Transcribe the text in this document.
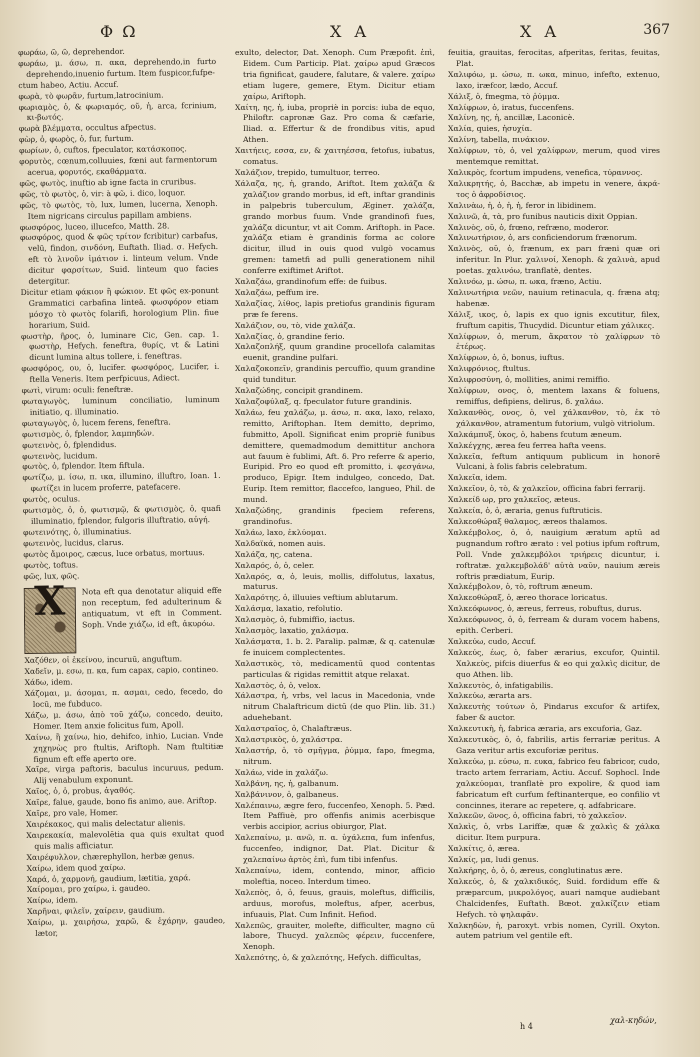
Φ Ω	Χ Α	Χ Α	367

φωράω, ῶ, ῶ, deprehendor.

φωράω, μ. άσω, π. ακα, deprehendo,in furto deprehendo,inuenio furtum. Item fuspicor,fufpe-

ctum habeo, Actiu. Accuf.

φωρὰ, τὸ φωρᾶν, furtum,latrocinium.

φωριαμὸς, ὁ, & φωριαμός, οῦ, ἡ, arca, fcrinium, κι-βωτός.

φωρὰ βλέμματα, occultus afpectus.

φὼρ, ὁ, φωρὸς, ὁ, fur, furtum.

φωρίων, ὁ, cuftos, fpeculator, κατάσκοπος.

φορυτὸς, cœnum,colluuies, fœni aut farmentorum acerua, φορυτός, εκαθάρματα.

φῶς, φωτὸς, inuftio ab igne facta in cruribus.

φῶς, τὸ φωτὸς, ὁ, vir: à φῶ, i. dico, loquor.

φῶς, τὸ φωτὸς, τὸ, lux, lumen, lucerna, Xenoph. Item nigricans circulus papillam ambiens.

φωσφόρος, luceo, illucefco, Matth. 28.

φωσφόρος, quod & φῶς τρίτον fcribitur) carbafus, velū, findon, σινδόνη, Euftath. Iliad. σ. Hefych. eft τὸ λινοῦν ἱμάτιον i. linteum velum. Vnde dicitur φαρσίτων, Suid. linteum quo facies detergitur.

Dicitur etiam φάκιον ἢ φώκιον. Et φῶς ex-ponunt Grammatici carbafina linteā. φωσφόρον etiam μόσχο τὸ φωτὸς folarifi, horologium Plin. fiue horarium, Suid.

φωστὴρ, ῆρος, ὁ, luminare Cic, Gen. cap. 1. φωστὴρ, Hefych. feneftra, θυρίς, vt & Latini dicunt lumina altus tollere, i. feneftras.

φωσφόρος, ου, ὁ, lucifer. φωσφόρος, Lucifer, i. ftella Veneris. Item perfpicuus, Adiect.

φωτὶ, virum: oculi: feneftræ.

φωταγωγὸς, luminum conciliatio, luminum initiatio, q. illuminatio.

φωταγωγὸς, ὁ, lucem ferens, feneftra.

φωτισμὸς, ὁ, fplendor, λαμπηδών.

φωτεινὸς, ὁ, fplendidus.

φωτεινὸς, lucidum.

φωτὸς, ὁ, fplendor. Item fiftula.

φωτίζω, μ. ίσω, π. ικα, illumino, illuftro, Ioan. 1. φωτίζει in lucem proferre, patefacere.

φωτὸς, oculus.

φωτισμὸς, ὁ, ὁ, φωτισμῷ, & φωτισμὸς, ὁ, quafi illuminatio, fplendor, fulgoris illuftratio, αὐγή.

φωτεινότης, ὁ, illuminatius.

φωτεινὸς, lucidus, clarus.

φωτὸς ἄμοιρος, cæcus, luce orbatus, mortuus.

φωτὸς, toftus.

φῶς, lux, φῶς.

X	Nota eft qua denotatur aliquid effe non receptum, fed adulterinum & antiquatum, vt eft in Comment. Soph. Vnde χιάζω, id eft, ἀκυρόω.

Χαζόθεν, οἱ ἐκείνου, incuruū, anguftum.

Χαδεῖν, μ. εσω, π. κα, fum capax, capio, contineo.

Χάδω, idem.

Χάζομαι, μ. άσομαι, π. ασμαι, cedo, fecedo, do locū, me fubduco.

Χάζω, μ. άσω, ἀπὸ τοῦ χάζω, concedo, deuito, Homer. Item anxie folicitus fum, Apoll.

Χαίνω, ἢ χαίνω, hio, dehifco, inhio, Lucian. Vnde χηχηνὼς pro ftultis, Ariftoph. Nam ftultitiæ fignum eft effe aperto ore.

Χαῖρε, virga paftoris, baculus incuruus, pedum. Alij venabulum exponunt.

Χαῖος, ὁ, ὁ, probus, ἀγαθός.

Χαῖρε, falue, gaude, bono fis animo, aue. Ariftop.

Χαῖρε, pro vale, Homer.

Χαιρέκακος, qui malis delectatur alienis.

Χαιρεκακία, malevolētia qua quis exultat quod quis malis afficiatur.

Χαιρέφυλλον, chærephyllon, herbæ genus.

Χαίρω, idem quod χαίρω.

Χαρά, ὁ, χαρμονή, gaudium, lætitia, χαρά.

Χαίρομαι, pro χαίρω, i. gaudeo.

Χαίρω, idem.

Χαρῆναι, φιλεῖν, χαίρειν, gaudium.

Χαίρω, μ. χαιρήσω, χαρῶ, & ἐχάρην, gaudeo, lætor,

exulto, delector, Dat. Xenoph. Cum Præpofit. ἐπὶ, Eidem. Cum Particip. Plat. χαίρω apud Græcos tria fignificat, gaudere, falutare, & valere. χαίρω etiam lugere, gemere, Etym. Dicitur etiam χαίρω, Ariftoph.

Χαίτη, ης, ἡ, iuba, propriè in porcis: iuba de equo, Philoftr. capronæ Gaz. Pro coma & cæfarie, Iliad. α. Effertur & de frondibus vitis, apud Athen.

Χαιτήεις, εσσα, εν, & χαιτηέσσα, fetofus, iubatus, comatus.

Χαλάζιον, trepido, tumultuor, terreo.

Χάλαζα, ης, ἡ, grando, Ariftot. Item χαλάζα & χαλάζιον grando morbus, id eft, inftar grandinis in palpebris tuberculum, Ægineт. χαλάζα, grando morbus fuum. Vnde grandinofi fues, χαλάζα dicuntur, vt ait Comm. Ariftoph. in Pace. χαλάζα etiam è grandinis forma ac colore dicitur, illud in ouis quod vulgò vocamus gremen: tametfi ad pulli generationem nihil conferre exiftimet Ariftot.

Χαλαζάω, grandinofum effe: de fuibus.

Χαλαζάω, peffum ire.

Χαλαζίας, λίθος, lapis pretiofus grandinis figuram præ fe ferens.

Χαλάζιον, ου, τὸ, vide χαλάζα.

Χαλαζίας, ὁ, grandine ferio.

Χαλαζοπλήξ, quum grandine procellofa calamitas euenit, grandine pulfari.

Χαλαζοκοπεῖν, grandinis percuffio, quum grandine quid tunditur.

Χαλαζώδης, concipit grandinem.

Χαλαζοφύλαξ, q. fpeculator future grandinis.

Χαλάω, feu χαλάζω, μ. άσω, π. ακα, laxo, relaxo, remitto, Ariftophan. Item demitto, deprimo, fubmitto, Apoll. Significat enim propriè funibus demittere, quemadmodum demittitur anchora aut fauum è fublimi, Aft. δ. Pro referre & aperio, Euripid. Pro eo quod eft promitto, i. φεσγάνω, produco, Epigr. Item indulgeo, concedo, Dat. Eurip. Item remittor, flaccefco, langueo, Phil. de mund.

Χαλαζώδης, grandinis fpeciem referens, grandinofus.

Χαλάω, laxo, ἐκλύομαι.

Χαλδαϊκά, nomen auis.

Χαλάζα, ης, catena.

Χαλαρός, ὁ, ὁ, celer.

Χαλαρός, α, ὁ, leuis, mollis, diffolutus, laxatus, maturus.

Χαλαρότης, ὁ, illuuies veftium ablutarum.

Χαλάσμα, laxatio, refolutio.

Χαλασμὸς, ὁ, fubmiffio, iactus.

Χαλασμὸς, laxatio, χαλάσμα.

Χαλάσματα, 1. b. 2. Paralip. palmæ, & q. catenulæ fe inuicem complectentes.

Χαλαστικὸς, τὸ, medicamentū quod contentas particulas & rigidas remittit atque relaxat.

Χαλαστὸς, ὁ, ὁ, velox.

Χάλαστρα, ἡ, vrbs, vel lacus in Macedonia, vnde nitrum Chalaftricum dictū (de quo Plin. lib. 31.) aduehebant.

Χαλαστραῖος, ὁ, Chalaftræus.

Χαλαστρικὸς, ὁ, χαλάστρα.

Χαλαστήρ, ὁ, τὸ σμῆγμα, ῥύμμα, fapo, fmegma, nitrum.

Χαλάω, vide in χαλάζω.

Χαλβάνη, ης, ἡ, galbanum.

Χαλβάνινον, ὁ, galbaneus.

Χαλέπαινω, ægre fero, fuccenfeo, Xenoph. 5. Pæd. Item Paffiuè, pro offenfis animis acerbisque verbis accipior, acrius obiurgor, Plat.

Χαλεπαίνω, μ. ανῶ, π. α. ὑχάλεπα, fum infenfus, fuccenfeo, indignor, Dat. Plat. Dicitur & χαλεπαίνω ἀρτὸς ἐπὶ, fum tibi infenfus.

Χαλεπαίνω, idem, contendo, minor, afficio moleftia, noceo. Interdum timeo.

Χαλεπὸς, ὁ, ὁ, feuus, grauis, moleftus, difficilis, arduus, morofus, moleftus, afper, acerbus, infuauis, Plat. Cum Infinit. Hefiod.

Χαλεπῶς, grauiter, molefte, difficulter, magno cū labore, Thucyd. χαλεπῶς φέρειν, fuccenfere, Xenoph.

Χαλεπότης, ὁ, & χαλεπότης, Hefych. difficultas,

feuitia, grauitas, ferocitas, afperitas, feritas, feuitas, Plat.

Χαλιφόω, μ. ώσω, π. ωκα, minuo, infefto, extenuo, laxo, iræfcor, lædo, Accuf.

Χάλιξ, ὁ, fmegma, τὸ ῥύμμα.

Χαλίφρων, ὁ, iratus, fuccenfens.

Χαλίνη, ης, ἡ, ancillæ, Laconicè.

Χαλία, quies, ἡσυχία.

Χαλίνη, tabella, πινάκιον.

Χαλίφρων, τὸ, ὁ, vel χαλίφρων, merum, quod vires mentemque remittat.

Χαλικρὸς, fcortum impudens, venefica, τύραννος.

Χαλικρητής, ὁ, Bacchæ, ab impetu in venere, ἀκρά-τος ὁ ἀφροδίσιος.

Χαλινὰω, ἡ, ὁ, ἡ, ἡ, feror in libidinem.

Χαλινῶ, ἀ, τὰ, pro funibus nauticis dixit Oppian.

Χαλινὸς, οῦ, ὁ, frœno, refræno, moderor.

Χαλινωτήριον, ὁ, ars conficiendorum frænorum.

Χαλινὸς, οῦ, ὁ, frænum, ex parı fræni quæ ori inferitur. In Plur. χαλινοί, Xenoph. & χαλινὰ, apud poetas. χαλινόω, tranflatè, dentes.

Χαλινόω, μ. ώσω, π. ωκα, fræno, Actiu.

Χαλινωτήρια νεῶν, nauium retinacula, q. fræna atq; habenæ.

Χάλιξ, ικος, ὁ, lapis ex quo ignis excutitur, filex, fruftum capitis, Thucydid. Dicuntur etiam χάλικες.

Χαλίφρων, ὁ, merum, ἄκρατον τὸ χαλίφρων τὸ ἑτέρως.

Χαλίφρων, ὁ, ὁ, bonus, iuftus.

Χαλιφρόνιος, ftultus.

Χαλιφροσύνη, ὁ, mollities, animi remiffio.

Χαλίφρων, ονος, ὁ, mentem laxans & foluens, remiffus, defipiens, delirus, δ. χαλάω.

Χαλκανθὸς, ονος, ὁ, vel χάλκανθον, τὸ, ἐκ τὸ χάλκανθον, atramentum futorium, vulgò vitriolum.

Χαλκάμπυξ, ὑκος, ὁ, habens fcutum æneum.

Χαλκέγχης, ærea feu ferrea hafta veens.

Χαλκεῖα, feftum antiquum publicum in honorē Vulcani, à folis fabris celebratum.

Χαλκεῖα, idem.

Χαλκεῖον, ὁ, τὸ, & χαλκεῖον, officina fabri ferrarij.

Χαλκείδ ωρ, pro χαλκεῖος, æteus.

Χαλκεία, ὁ, ὁ, ærariа, genus fuftruticis.

Χαλκεοθώραξ θαλαμος, æreos thalamos.

Χαλκέμβολος, ὁ, ὁ, nauigium æratum aptū ad pugnandum roftro ærato : vel potius ipfum roftrum, Poll. Vnde χαλκεμβόλοι τριήρεις dicuntur, i. roftratæ. χαλκεμβολάδ' αὐτὰ ναῦν, nauium æreis roftris prædiatum, Eurip.

Χαλκέμβολον, ὁ, τὸ, roftrum æneum.

Χαλκεοθώραξ, ὁ, æreo thorace loricatus.

Χαλκεόφωνος, ὁ, æreus, ferreus, robuftus, durus.

Χαλκεόφωνος, ὁ, ὁ, ferream & duram vocem habens, epith. Cerberi.

Χαλκεύω, cudo, Accuf.

Χαλκεύς, έως, ὁ, faber ærarius, excufor, Quintil. Χαλκεὺς, pifcis diuerfus & eo qui χαλκὶς dicitur, de quo Athen. lib.

Χαλκευτὸς, ὁ, infatigabilis.

Χαλκεύω, ærarta ars.

Χαλκευτὴς τούτων ὁ, Pindarus excufor & artifex, faber & auctor.

Χαλκευτικὴ, ἡ, fabrica ærariа, ars excuforia, Gaz.

Χαλκευτικὸς, ὁ, ὁ, fabrilis, artis ferrariæ peritus. A Gaza veritur artis excuforiæ peritus.

Χαλκεύω, μ. εύσω, π. ευκα, fabrico feu fabricor, cudo, tracto artem ferrariam, Actiu. Accuf. Sophocl. Inde χαλκεύομαι, tranflatè pro expolire, & quod iam fabricatum eft curfum feftinanterque, eo confilio vt concinnes, iterare ac repetere, q. adfabricare.

Χαλκεῶν, ῶνος, ὁ, officina fabri, τὸ χαλκεῖον.

Χαλκὶς, ὁ, vrbs Lariffæ, quæ & χαλκὶς & χάλκα dicitur. Item purpura.

Χαλκίτις, ὁ, ærea.

Χαλκίς, μα, ludi genus.

Χαλκήρης, ὁ, ὁ, ὁ, æreus, conglutinatus ære.

Χαλκεύς, ὁ, & χαλκιδικός, Suid. fordidum effe & præparcum, μικρολόγος, auari namque audiebant Chalcidenfes, Euftath. Bœot. χαλκίζειν etiam Hefych. τὸ ψηλαφᾶν.

Χαλκηδὼν, ἡ, paroxyt. vrbis nomen, Cyrill. Oxyton. autem patrium vel gentile eft.

h 4
χαλ-κηδών,
